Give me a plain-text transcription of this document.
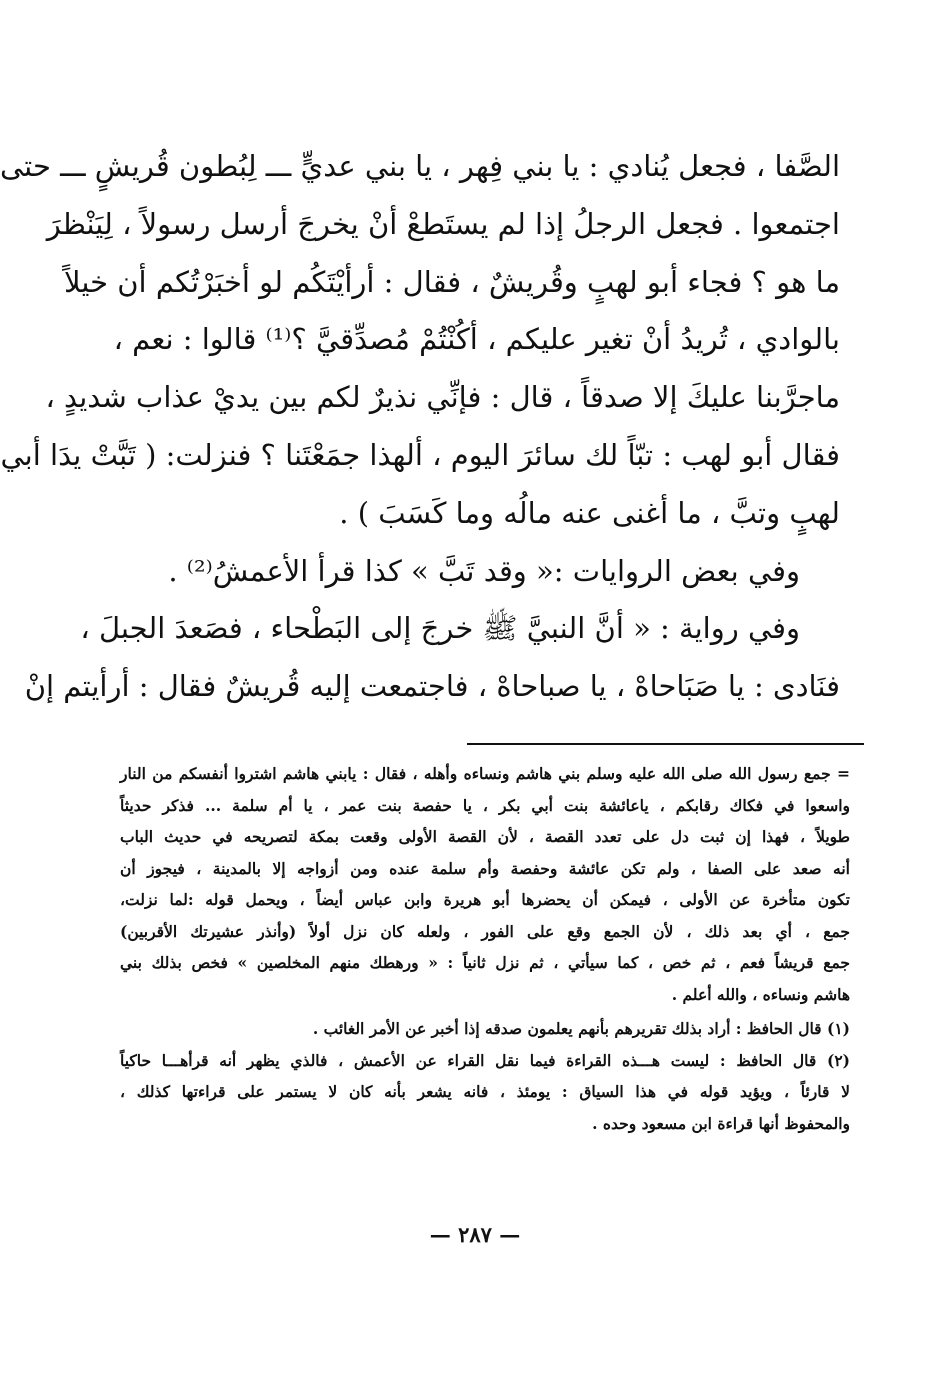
الصَّفا ، فجعل يُنادي : يا بني فِهر ، يا بني عديٍّ ـــ لِبُطون قُريشٍ ـــ حتى
اجتمعوا . فجعل الرجلُ إذا لم يستَطعْ أنْ يخرجَ أرسل رسولاً ، لِيَنْظرَ
ما هو ؟ فجاء أبو لهبٍ وقُريشٌ ، فقال : أرأيْتَكُم لو أخبَرْتُكم أن خيلاً
بالوادي ، تُريدُ أنْ تغير عليكم ، أكُنْتُمْ مُصدِّقيَّ ؟⁽¹⁾ قالوا : نعم ،
ماجرَّبنا عليكَ إلا صدقاً ، قال : فإنِّي نذيرٌ لكم بين يديْ عذاب شديدٍ ،
فقال أبو لهب : تبّاً لك سائرَ اليوم ، ألهذا جمَعْتَنا ؟ فنزلت: ( تَبَّتْ يدَا أبي
لهبٍ وتبَّ ، ما أغنى عنه مالُه وما كَسَبَ ) .
وفي بعض الروايات :« وقد تَبَّ » كذا قرأ الأعمشُ⁽²⁾ .
وفي رواية : « أنَّ النبيَّ ﷺ خرجَ إلى البَطْحاء ، فصَعدَ الجبلَ ،
فنَادى : يا صَبَاحاهْ ، يا صباحاهْ ، فاجتمعت إليه قُريشٌ فقال : أرأيتم إنْ
= جمع رسول الله صلى الله عليه وسلم بني هاشم ونساءه وأهله ، فقال : يابني هاشم اشتروا أنفسكم من النار
واسعوا في فكاك رقابكم ، ياعائشة بنت أبي بكر ، يا حفصة بنت عمر ، يا أم سلمة ... فذكر حديثاً
طويلاً ، فهذا إن ثبت دل على تعدد القصة ، لأن القصة الأولى وقعت بمكة لتصريحه في حديث الباب
أنه صعد على الصفا ، ولم تكن عائشة وحفصة وأم سلمة عنده ومن أزواجه إلا بالمدينة ، فيجوز أن
تكون متأخرة عن الأولى ، فيمكن أن يحضرها أبو هريرة وابن عباس أيضاً ، ويحمل قوله :لما نزلت،
جمع ، أي بعد ذلك ، لأن الجمع وقع على الفور ، ولعله كان نزل أولاً (وأنذر عشيرتك الأقربين)
جمع قريشاً فعم ، ثم خص ، كما سيأتي ، ثم نزل ثانياً : « ورهطك منهم المخلصين » فخص بذلك بني
هاشم ونساءه ، والله أعلم .
(١) قال الحافظ : أراد بذلك تقريرهم بأنهم يعلمون صدقه إذا أخبر عن الأمر الغائب .
(٢) قال الحافظ : ليست هـــذه القراءة فيما نقل القراء عن الأعمش ، فالذي يظهر أنه قرأهـــا حاكياً
لا قارئاً ، ويؤيد قوله في هذا السياق : يومئذ ، فانه يشعر بأنه كان لا يستمر على قراءتها كذلك ،
والمحفوظ أنها قراءة ابن مسعود وحده .
— ٢٨٧ —
